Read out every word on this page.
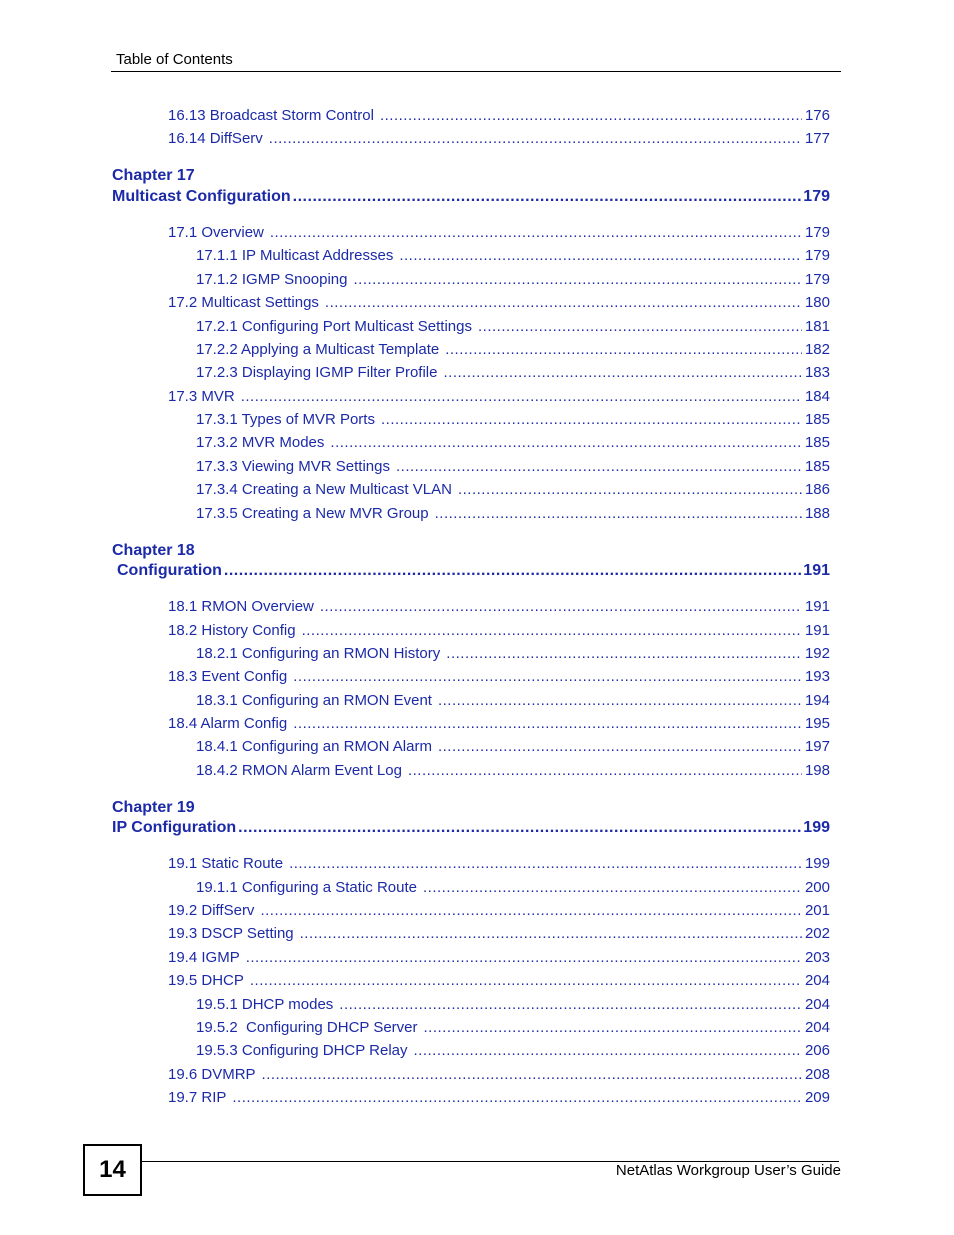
Table of Contents
16.13 Broadcast Storm Control .....	176
16.14 DiffServ .....	177
Chapter 17
Multicast Configuration .....	179
17.1 Overview .....	179
17.1.1 IP Multicast Addresses .....	179
17.1.2 IGMP Snooping .....	179
17.2 Multicast Settings .....	180
17.2.1 Configuring Port Multicast Settings .....	181
17.2.2 Applying a Multicast Template .....	182
17.2.3 Displaying IGMP Filter Profile .....	183
17.3 MVR .....	184
17.3.1 Types of MVR Ports .....	185
17.3.2 MVR Modes .....	185
17.3.3 Viewing MVR Settings .....	185
17.3.4 Creating a New Multicast VLAN .....	186
17.3.5 Creating a New MVR Group .....	188
Chapter 18
Configuration .....	191
18.1 RMON Overview .....	191
18.2 History Config .....	191
18.2.1 Configuring an RMON History .....	192
18.3 Event Config .....	193
18.3.1 Configuring an RMON Event .....	194
18.4 Alarm Config .....	195
18.4.1 Configuring an RMON Alarm .....	197
18.4.2 RMON Alarm Event Log .....	198
Chapter 19
IP Configuration .....	199
19.1 Static Route .....	199
19.1.1 Configuring a Static Route .....	200
19.2 DiffServ .....	201
19.3 DSCP Setting .....	202
19.4 IGMP .....	203
19.5 DHCP .....	204
19.5.1 DHCP modes .....	204
19.5.2  Configuring DHCP Server .....	204
19.5.3 Configuring DHCP Relay .....	206
19.6 DVMRP .....	208
19.7 RIP .....	209
14	NetAtlas Workgroup User’s Guide
